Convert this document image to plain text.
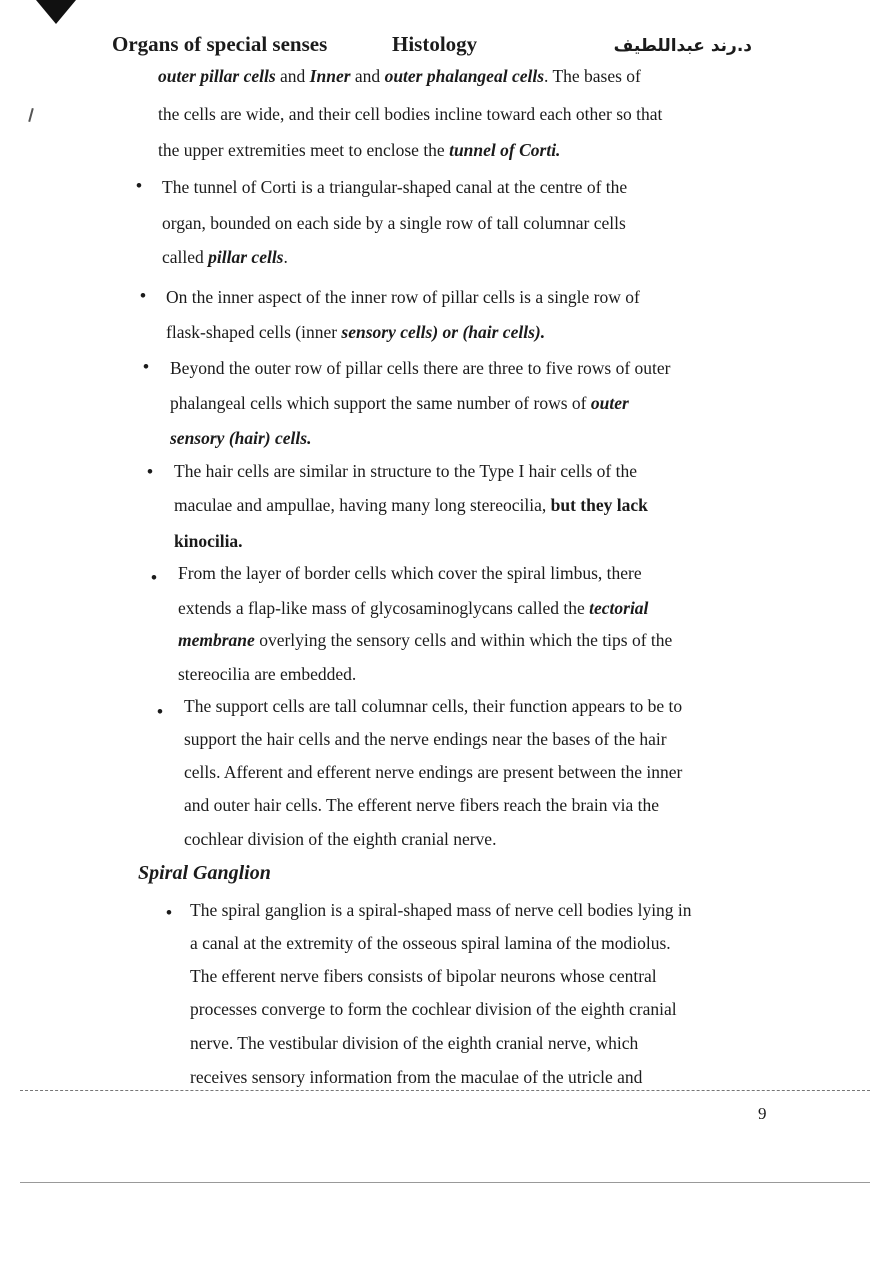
Organs of special senses	Histology	د.رند عبداللطيف
outer pillar cells and Inner and outer phalangeal cells. The bases of
the cells are wide, and their cell bodies incline toward each other so that
the upper extremities meet to enclose the tunnel of Corti.
• The tunnel of Corti is a triangular-shaped canal at the centre of the
organ, bounded on each side by a single row of tall columnar cells
called pillar cells.
• On the inner aspect of the inner row of pillar cells is a single row of
flask-shaped cells (inner sensory cells) or (hair cells).
• Beyond the outer row of pillar cells there are three to five rows of outer
phalangeal cells which support the same number of rows of outer
sensory (hair) cells.
• The hair cells are similar in structure to the Type I hair cells of the
maculae and ampullae, having many long stereocilia, but they lack
kinocilia.
• From the layer of border cells which cover the spiral limbus, there
extends a flap-like mass of glycosaminoglycans called the tectorial
membrane overlying the sensory cells and within which the tips of the
stereocilia are embedded.
• The support cells are tall columnar cells, their function appears to be to
support the hair cells and the nerve endings near the bases of the hair
cells. Afferent and efferent nerve endings are present between the inner
and outer hair cells. The efferent nerve fibers reach the brain via the
cochlear division of the eighth cranial nerve.
Spiral Ganglion
• The spiral ganglion is a spiral-shaped mass of nerve cell bodies lying in
a canal at the extremity of the osseous spiral lamina of the modiolus.
The efferent nerve fibers consists of bipolar neurons whose central
processes converge to form the cochlear division of the eighth cranial
nerve. The vestibular division of the eighth cranial nerve, which
receives sensory information from the maculae of the utricle and
9
